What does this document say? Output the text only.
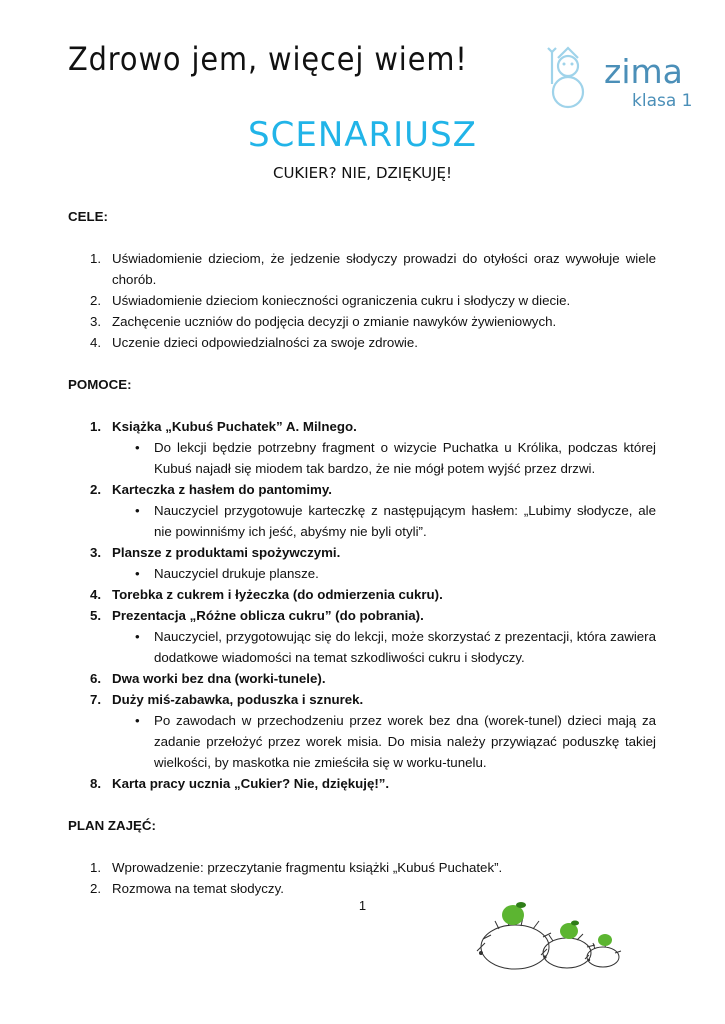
Zdrowo jem, więcej wiem!	zima
klasa 1
SCENARIUSZ
CUKIER? NIE, DZIĘKUJĘ!

CELE:

1. Uświadomienie dzieciom, że jedzenie słodyczy prowadzi do otyłości oraz wywołuje wiele chorób.
2. Uświadomienie dzieciom konieczności ograniczenia cukru i słodyczy w diecie.
3. Zachęcenie uczniów do podjęcia decyzji o zmianie nawyków żywieniowych.
4. Uczenie dzieci odpowiedzialności za swoje zdrowie.

POMOCE:

1. Książka „Kubuś Puchatek” A. Milnego.
• Do lekcji będzie potrzebny fragment o wizycie Puchatka u Królika, podczas której Kubuś najadł się miodem tak bardzo, że nie mógł potem wyjść przez drzwi.
2. Karteczka z hasłem do pantomimy.
• Nauczyciel przygotowuje karteczkę z następującym hasłem: „Lubimy słodycze, ale nie powinniśmy ich jeść, abyśmy nie byli otyli”.
3. Plansze z produktami spożywczymi.
• Nauczyciel drukuje plansze.
4. Torebka z cukrem i łyżeczka (do odmierzenia cukru).
5. Prezentacja „Różne oblicza cukru” (do pobrania).
• Nauczyciel, przygotowując się do lekcji, może skorzystać z prezentacji, która zawiera dodatkowe wiadomości na temat szkodliwości cukru i słodyczy.
6. Dwa worki bez dna (worki-tunele).
7. Duży miś-zabawka, poduszka i sznurek.
• Po zawodach w przechodzeniu przez worek bez dna (worek-tunel) dzieci mają za zadanie przełożyć przez worek misia. Do misia należy przywiązać poduszkę takiej wielkości, by maskotka nie zmieściła się w worku-tunelu.
8. Karta pracy ucznia „Cukier? Nie, dziękuję!”.

PLAN ZAJĘĆ:

1. Wprowadzenie: przeczytanie fragmentu książki „Kubuś Puchatek”.
2. Rozmowa na temat słodyczy.
1
